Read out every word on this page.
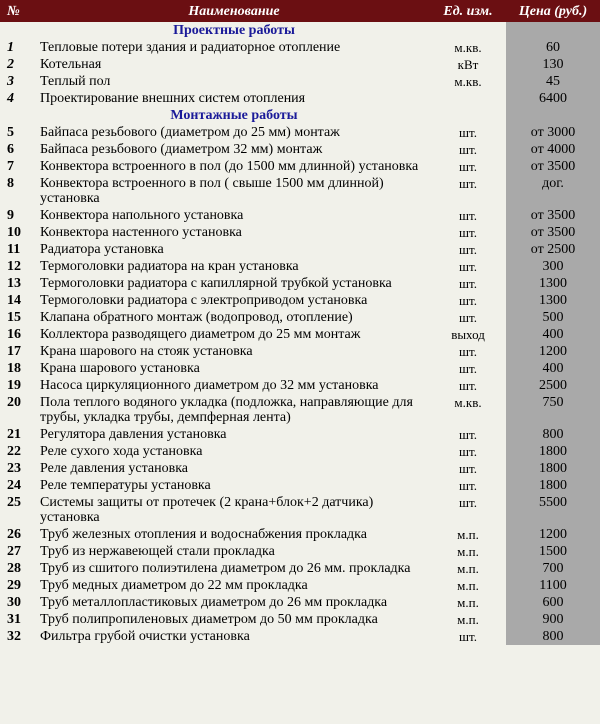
№	Наименование	Ед. изм.	Цена (руб.)
	Проектные работы		
1	Тепловые потери здания и радиаторное отопление	м.кв.	60
2	Котельная	кВт	130
3	Теплый пол	м.кв.	45
4	Проектирование внешних систем отопления		6400
	Монтажные работы		
5	Байпаса резьбового (диаметром до 25 мм) монтаж	шт.	от 3000
6	Байпаса резьбового (диаметром 32 мм) монтаж	шт.	от 4000
7	Конвектора встроенного в пол (до 1500 мм длинной) установка	шт.	от 3500
8	Конвектора встроенного в пол ( свыше 1500 мм длинной) установка	шт.	дог.
9	Конвектора напольного установка	шт.	от 3500
10	Конвектора настенного установка	шт.	от 3500
11	Радиатора установка	шт.	от 2500
12	Термоголовки радиатора на кран установка	шт.	300
13	Термоголовки радиатора с капиллярной трубкой установка	шт.	1300
14	Термоголовки радиатора с электроприводом установка	шт.	1300
15	Клапана обратного монтаж (водопровод, отопление)	шт.	500
16	Коллектора разводящего диаметром до 25 мм монтаж	выход	400
17	Крана шарового на стояк установка	шт.	1200
18	Крана шарового установка	шт.	400
19	Насоса циркуляционного диаметром до 32 мм установка	шт.	2500
20	Пола теплого водяного укладка (подложка, направляющие для трубы, укладка трубы, демпферная лента)	м.кв.	750
21	Регулятора давления установка	шт.	800
22	Реле сухого хода установка	шт.	1800
23	Реле давления установка	шт.	1800
24	Реле температуры установка	шт.	1800
25	Системы защиты от протечек (2 крана+блок+2 датчика) установка	шт.	5500
26	Труб железных отопления и водоснабжения прокладка	м.п.	1200
27	Труб из нержавеющей стали прокладка	м.п.	1500
28	Труб из сшитого полиэтилена диаметром до 26 мм. прокладка	м.п.	700
29	Труб медных диаметром до 22 мм прокладка	м.п.	1100
30	Труб металлопластиковых диаметром до 26 мм прокладка	м.п.	600
31	Труб полипропиленовых диаметром до 50 мм прокладка	м.п.	900
32	Фильтра грубой очистки установка	шт.	800
